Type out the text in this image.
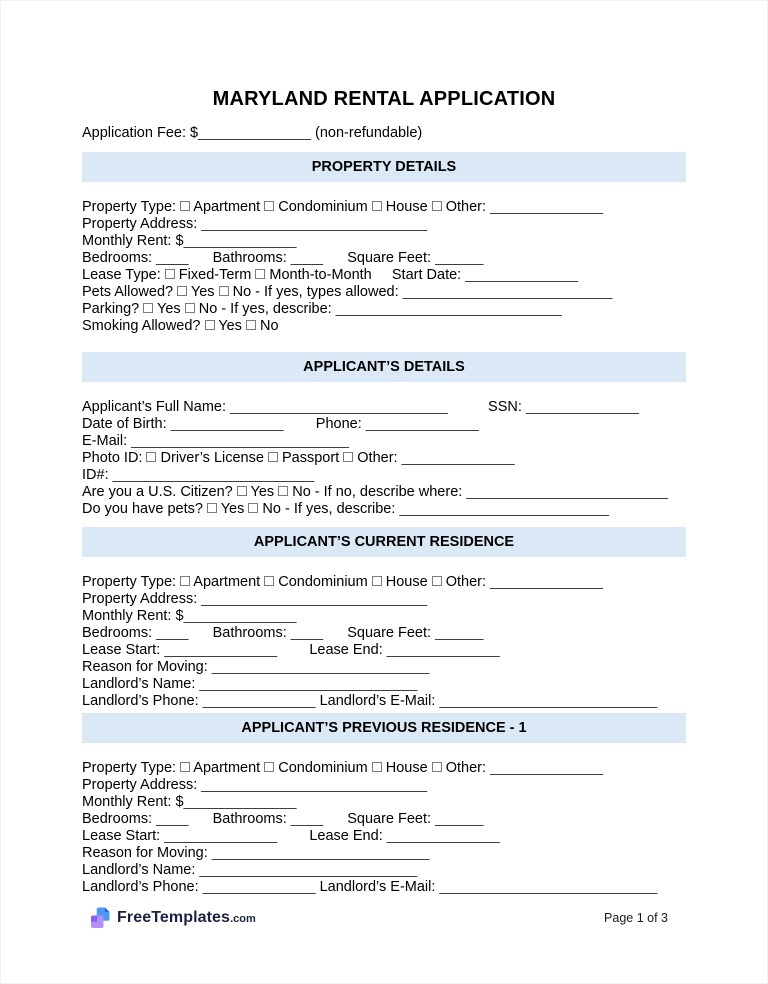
MARYLAND RENTAL APPLICATION
Application Fee: $______________ (non-refundable)
PROPERTY DETAILS
Property Type:  Apartment  Condominium  House  Other: ______________
Property Address: ____________________________
Monthly Rent: $______________
Bedrooms: ____      Bathrooms: ____      Square Feet: ______
Lease Type:  Fixed-Term  Month-to-Month     Start Date: ______________
Pets Allowed?  Yes  No - If yes, types allowed: __________________________
Parking?  Yes  No - If yes, describe: ____________________________
Smoking Allowed?  Yes  No
APPLICANT’S DETAILS
Applicant’s Full Name: ___________________________          SSN: ______________
Date of Birth: ______________        Phone: ______________
E-Mail: ___________________________
Photo ID:  Driver’s License  Passport  Other: ______________
ID#: _________________________
Are you a U.S. Citizen?  Yes  No - If no, describe where: _________________________
Do you have pets?  Yes  No - If yes, describe: __________________________
APPLICANT’S CURRENT RESIDENCE
Property Type:  Apartment  Condominium  House  Other: ______________
Property Address: ____________________________
Monthly Rent: $______________
Bedrooms: ____      Bathrooms: ____      Square Feet: ______
Lease Start: ______________        Lease End: ______________
Reason for Moving: ___________________________
Landlord’s Name: ___________________________
Landlord’s Phone: ______________ Landlord’s E-Mail: ___________________________
APPLICANT’S PREVIOUS RESIDENCE - 1
Property Type:  Apartment  Condominium  House  Other: ______________
Property Address: ____________________________
Monthly Rent: $______________
Bedrooms: ____      Bathrooms: ____      Square Feet: ______
Lease Start: ______________        Lease End: ______________
Reason for Moving: ___________________________
Landlord’s Name: ___________________________
Landlord’s Phone: ______________ Landlord’s E-Mail: ___________________________
FreeTemplates.com	Page 1 of 3
